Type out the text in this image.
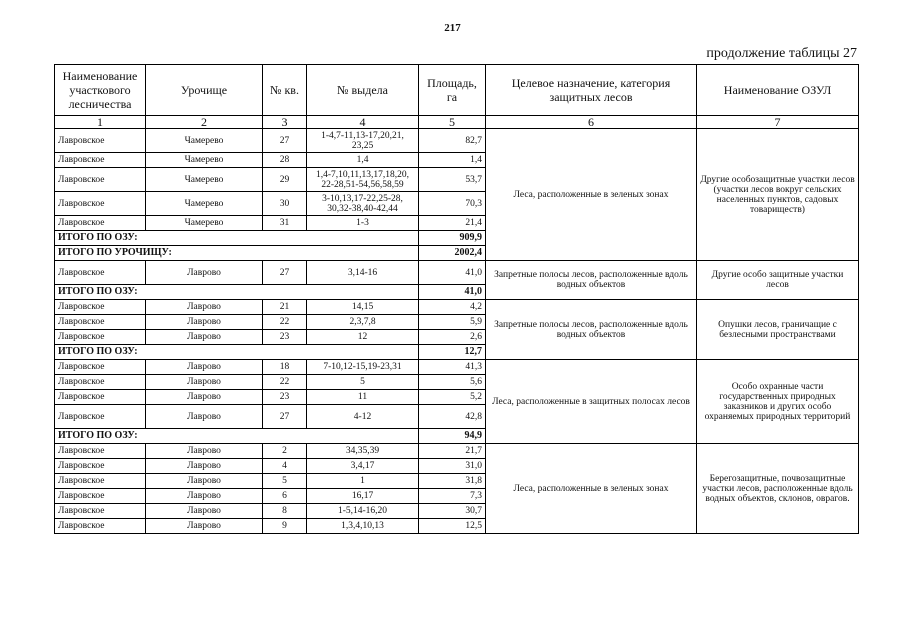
217
продолжение таблицы 27
Наименование участкового лесничества	Урочище	№ кв.	№ выдела	Площадь, га	Целевое назначение, категория защитных лесов	Наименование ОЗУЛ
1	2	3	4	5	6	7
Лавровское	Чамерево	27	1-4,7-11,13-17,20,21, 23,25	82,7	Леса, расположенные в зеленых зонах	Другие особозащитные участки лесов (участки лесов вокруг сельских населенных пунктов, садовых товариществ)
Лавровское	Чамерево	28	1,4	1,4		
Лавровское	Чамерево	29	1,4-7,10,11,13,17,18,20, 22-28,51-54,56,58,59	53,7		
Лавровское	Чамерево	30	3-10,13,17-22,25-28, 30,32-38,40-42,44	70,3		
Лавровское	Чамерево	31	1-3	21,4		
ИТОГО ПО ОЗУ:				909,9		
ИТОГО ПО УРОЧИЩУ:				2002,4		
Лавровское	Лаврово	27	3,14-16	41,0	Запретные полосы лесов, расположенные вдоль водных объектов	Другие особо защитные участки лесов
ИТОГО ПО ОЗУ:				41,0		
Лавровское	Лаврово	21	14,15	4,2	Запретные полосы лесов, расположенные вдоль водных объектов	Опушки лесов, граничащие с безлесными пространствами
Лавровское	Лаврово	22	2,3,7,8	5,9		
Лавровское	Лаврово	23	12	2,6		
ИТОГО ПО ОЗУ:				12,7		
Лавровское	Лаврово	18	7-10,12-15,19-23,31	41,3	Леса, расположенные в защитных полосах лесов	Особо охранные части государственных природных заказников и других особо охраняемых природных территорий
Лавровское	Лаврово	22	5	5,6		
Лавровское	Лаврово	23	11	5,2		
Лавровское	Лаврово	27	4-12	42,8		
ИТОГО ПО ОЗУ:				94,9		
Лавровское	Лаврово	2	34,35,39	21,7	Леса, расположенные в зеленых зонах	Берегозащитные, почвозащитные участки лесов, расположенные вдоль водных объектов, склонов, оврагов.
Лавровское	Лаврово	4	3,4,17	31,0		
Лавровское	Лаврово	5	1	31,8		
Лавровское	Лаврово	6	16,17	7,3		
Лавровское	Лаврово	8	1-5,14-16,20	30,7		
Лавровское	Лаврово	9	1,3,4,10,13	12,5		
